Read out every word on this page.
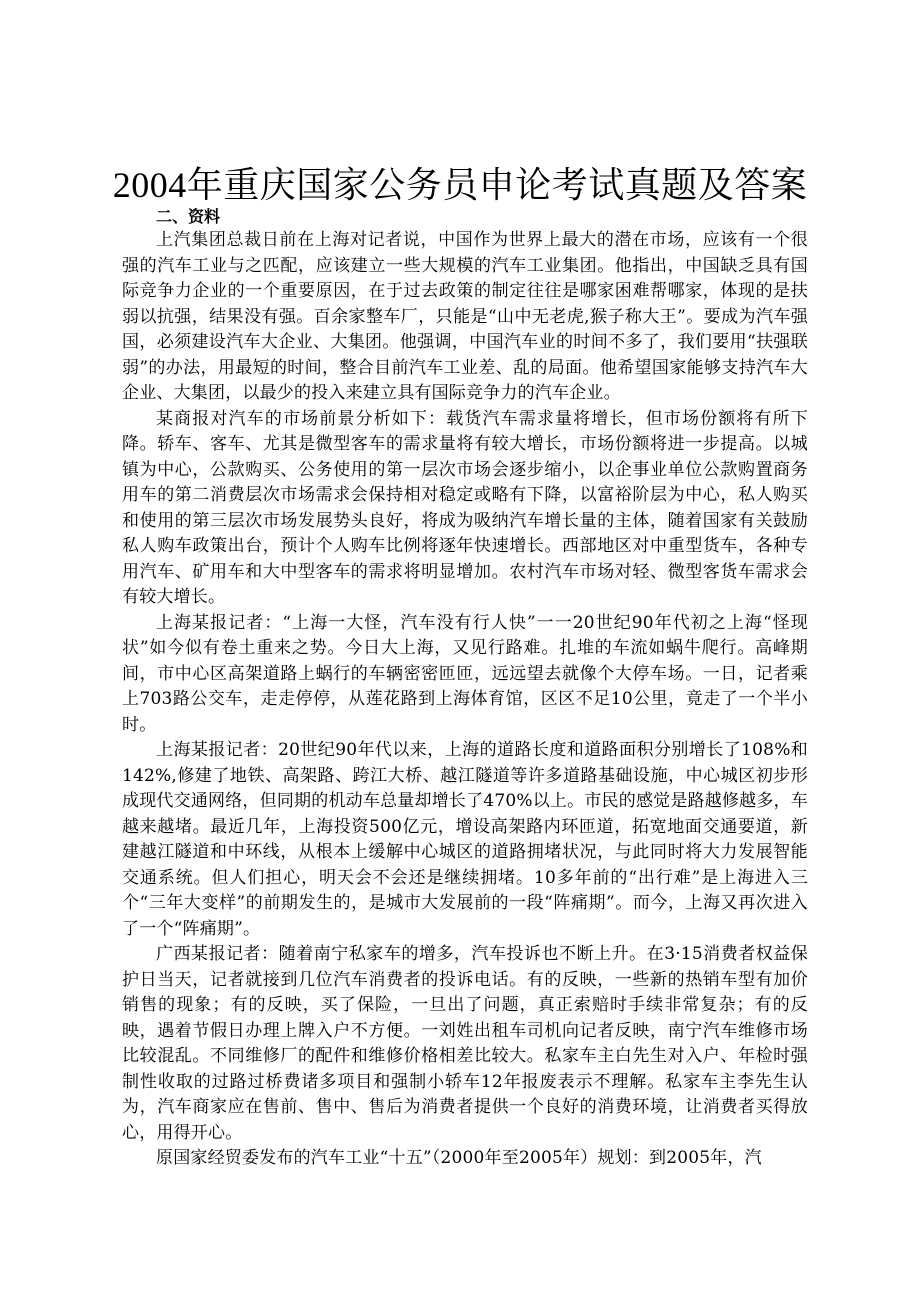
2004年重庆国家公务员申论考试真题及答案

二、资料

上汽集团总裁日前在上海对记者说，中国作为世界上最大的潜在市场，应该有一个很强的汽车工业与之匹配，应该建立一些大规模的汽车工业集团。他指出，中国缺乏具有国际竞争力企业的一个重要原因，在于过去政策的制定往往是哪家困难帮哪家，体现的是扶弱以抗强，结果没有强。百余家整车厂，只能是“山中无老虎,猴子称大王”。要成为汽车强国，必须建设汽车大企业、大集团。他强调，中国汽车业的时间不多了，我们要用“扶强联弱”的办法，用最短的时间，整合目前汽车工业差、乱的局面。他希望国家能够支持汽车大企业、大集团，以最少的投入来建立具有国际竞争力的汽车企业。

某商报对汽车的市场前景分析如下：载货汽车需求量将增长，但市场份额将有所下降。轿车、客车、尤其是微型客车的需求量将有较大增长，市场份额将进一步提高。以城镇为中心，公款购买、公务使用的第一层次市场会逐步缩小，以企事业单位公款购置商务用车的第二消费层次市场需求会保持相对稳定或略有下降，以富裕阶层为中心，私人购买和使用的第三层次市场发展势头良好，将成为吸纳汽车增长量的主体，随着国家有关鼓励私人购车政策出台，预计个人购车比例将逐年快速增长。西部地区对中重型货车，各种专用汽车、矿用车和大中型客车的需求将明显增加。农村汽车市场对轻、微型客货车需求会有较大增长。

上海某报记者：“上海一大怪，汽车没有行人快”一一20世纪90年代初之上海“怪现状”如今似有卷土重来之势。今日大上海，又见行路难。扎堆的车流如蜗牛爬行。高峰期间，市中心区高架道路上蜗行的车辆密密匝匝，远远望去就像个大停车场。一日，记者乘上703路公交车，走走停停，从莲花路到上海体育馆，区区不足10公里，竟走了一个半小时。

上海某报记者：20世纪90年代以来，上海的道路长度和道路面积分别增长了108%和142%,修建了地铁、高架路、跨江大桥、越江隧道等许多道路基础设施，中心城区初步形成现代交通网络，但同期的机动车总量却增长了470%以上。市民的感觉是路越修越多，车越来越堵。最近几年，上海投资500亿元，增设高架路内环匝道，拓宽地面交通要道，新建越江隧道和中环线，从根本上缓解中心城区的道路拥堵状况，与此同时将大力发展智能交通系统。但人们担心，明天会不会还是继续拥堵。10多年前的“出行难”是上海进入三个“三年大变样”的前期发生的，是城市大发展前的一段“阵痛期”。而今，上海又再次进入了一个“阵痛期”。

广西某报记者：随着南宁私家车的增多，汽车投诉也不断上升。在3·15消费者权益保护日当天，记者就接到几位汽车消费者的投诉电话。有的反映，一些新的热销车型有加价销售的现象；有的反映，买了保险，一旦出了问题，真正索赔时手续非常复杂；有的反映，遇着节假日办理上牌入户不方便。一刘姓出租车司机向记者反映，南宁汽车维修市场比较混乱。不同维修厂的配件和维修价格相差比较大。私家车主白先生对入户、年检时强制性收取的过路过桥费诸多项目和强制小轿车12年报废表示不理解。私家车主李先生认为，汽车商家应在售前、售中、售后为消费者提供一个良好的消费环境，让消费者买得放心，用得开心。

原国家经贸委发布的汽车工业“十五”（2000年至2005年）规划：到2005年，汽
